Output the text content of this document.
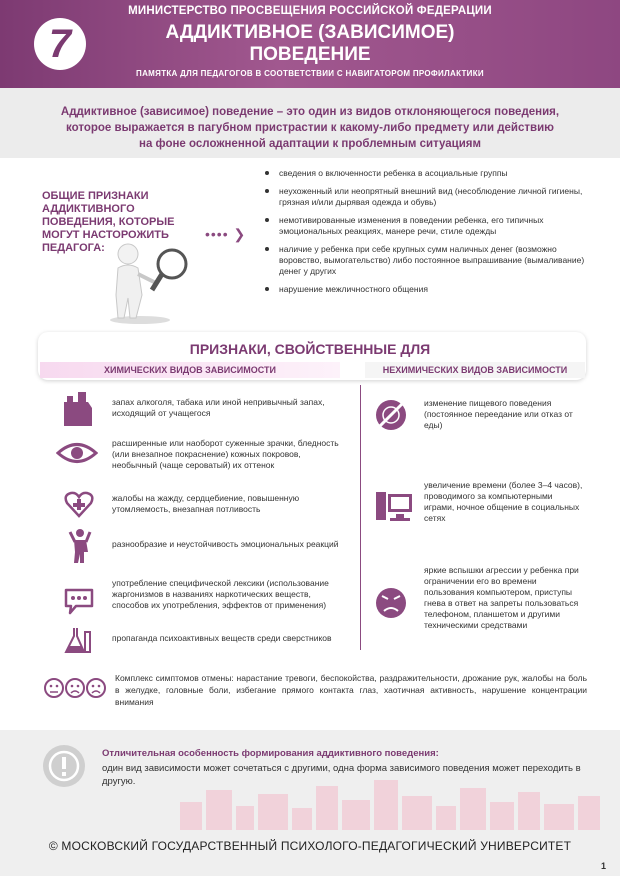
7
МИНИСТЕРСТВО ПРОСВЕЩЕНИЯ РОССИЙСКОЙ ФЕДЕРАЦИИ
АДДИКТИВНОЕ (ЗАВИСИМОЕ)
ПОВЕДЕНИЕ
ПАМЯТКА ДЛЯ ПЕДАГОГОВ В СООТВЕТСТВИИ С НАВИГАТОРОМ ПРОФИЛАКТИКИ
Аддиктивное (зависимое) поведение – это один из видов отклоняющегося поведения, которое выражается в пагубном пристрастии к какому-либо предмету или действию на фоне осложненной адаптации к проблемным ситуациям
ОБЩИЕ ПРИЗНАКИ АДДИКТИВНОГО ПОВЕДЕНИЯ, КОТОРЫЕ МОГУТ НАСТОРОЖИТЬ ПЕДАГОГА:
•••• ❯
сведения о включенности ребенка в асоциальные группы
неухоженный или неопрятный внешний вид (несоблюдение личной гигиены, грязная и/или дырявая одежда и обувь)
немотивированные изменения в поведении ребенка, его типичных эмоциональных реакциях, манере речи, стиле одежды
наличие у ребенка при себе крупных сумм наличных денег (возможно воровство, вымогательство) либо постоянное выпрашивание (вымаливание) денег у других
нарушение межличностного общения
ПРИЗНАКИ, СВОЙСТВЕННЫЕ ДЛЯ
ХИМИЧЕСКИХ ВИДОВ ЗАВИСИМОСТИ	НЕХИМИЧЕСКИХ ВИДОВ ЗАВИСИМОСТИ
запах алкоголя, табака или иной непривычный запах, исходящий от учащегося
расширенные или наоборот суженные зрачки, бледность (или внезапное покраснение) кожных покровов, необычный (чаще сероватый) их оттенок
жалобы на жажду, сердцебиение, повышенную утомляемость, внезапная потливость
разнообразие и неустойчивость эмоциональных реакций
употребление специфической лексики (использование жаргонизмов в названиях наркотических веществ, способов их употребления, эффектов от применения)
пропаганда психоактивных веществ среди сверстников
изменение пищевого поведения (постоянное переедание или отказ от еды)
увеличение времени (более 3–4 часов), проводимого за компьютерными играми, ночное общение в социальных сетях
яркие вспышки агрессии у ребенка при ограничении его во времени пользования компьютером, приступы гнева в ответ на запреты пользоваться телефоном, планшетом и другими техническими средствами
Комплекс симптомов отмены: нарастание тревоги, беспокойства, раздражительности, дрожание рук, жалобы на боль в желудке, головные боли, избегание прямого контакта глаз, хаотичная активность, нарушение концентрации внимания
Отличительная особенность формирования аддиктивного поведения:
один вид зависимости может сочетаться с другими, одна форма зависимого поведения может переходить в другую.
© МОСКОВСКИЙ ГОСУДАРСТВЕННЫЙ ПСИХОЛОГО-ПЕДАГОГИЧЕСКИЙ УНИВЕРСИТЕТ
1
